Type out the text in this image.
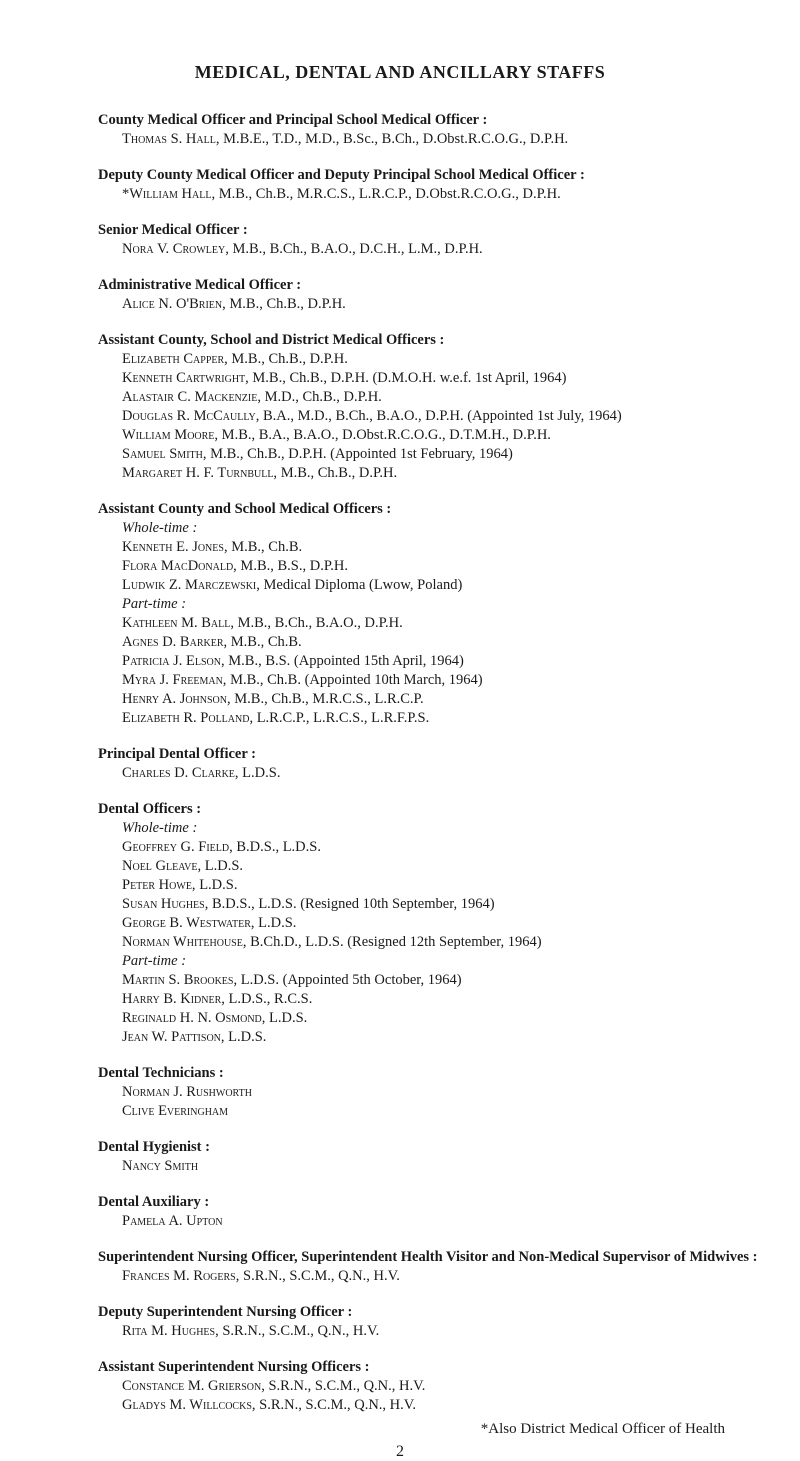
MEDICAL, DENTAL AND ANCILLARY STAFFS
County Medical Officer and Principal School Medical Officer :
Thomas S. Hall, M.B.E., T.D., M.D., B.Sc., B.Ch., D.Obst.R.C.O.G., D.P.H.
Deputy County Medical Officer and Deputy Principal School Medical Officer :
*William Hall, M.B., Ch.B., M.R.C.S., L.R.C.P., D.Obst.R.C.O.G., D.P.H.
Senior Medical Officer :
Nora V. Crowley, M.B., B.Ch., B.A.O., D.C.H., L.M., D.P.H.
Administrative Medical Officer :
Alice N. O'Brien, M.B., Ch.B., D.P.H.
Assistant County, School and District Medical Officers :
Elizabeth Capper, M.B., Ch.B., D.P.H.
Kenneth Cartwright, M.B., Ch.B., D.P.H. (D.M.O.H. w.e.f. 1st April, 1964)
Alastair C. Mackenzie, M.D., Ch.B., D.P.H.
Douglas R. McCaully, B.A., M.D., B.Ch., B.A.O., D.P.H. (Appointed 1st July, 1964)
William Moore, M.B., B.A., B.A.O., D.Obst.R.C.O.G., D.T.M.H., D.P.H.
Samuel Smith, M.B., Ch.B., D.P.H. (Appointed 1st February, 1964)
Margaret H. F. Turnbull, M.B., Ch.B., D.P.H.
Assistant County and School Medical Officers :
Whole-time :
Kenneth E. Jones, M.B., Ch.B.
Flora MacDonald, M.B., B.S., D.P.H.
Ludwik Z. Marczewski, Medical Diploma (Lwow, Poland)
Part-time :
Kathleen M. Ball, M.B., B.Ch., B.A.O., D.P.H.
Agnes D. Barker, M.B., Ch.B.
Patricia J. Elson, M.B., B.S. (Appointed 15th April, 1964)
Myra J. Freeman, M.B., Ch.B. (Appointed 10th March, 1964)
Henry A. Johnson, M.B., Ch.B., M.R.C.S., L.R.C.P.
Elizabeth R. Polland, L.R.C.P., L.R.C.S., L.R.F.P.S.
Principal Dental Officer :
Charles D. Clarke, L.D.S.
Dental Officers :
Whole-time :
Geoffrey G. Field, B.D.S., L.D.S.
Noel Gleave, L.D.S.
Peter Howe, L.D.S.
Susan Hughes, B.D.S., L.D.S. (Resigned 10th September, 1964)
George B. Westwater, L.D.S.
Norman Whitehouse, B.Ch.D., L.D.S. (Resigned 12th September, 1964)
Part-time :
Martin S. Brookes, L.D.S. (Appointed 5th October, 1964)
Harry B. Kidner, L.D.S., R.C.S.
Reginald H. N. Osmond, L.D.S.
Jean W. Pattison, L.D.S.
Dental Technicians :
Norman J. Rushworth
Clive Everingham
Dental Hygienist :
Nancy Smith
Dental Auxiliary :
Pamela A. Upton
Superintendent Nursing Officer, Superintendent Health Visitor and Non-Medical Supervisor of Midwives :
Frances M. Rogers, S.R.N., S.C.M., Q.N., H.V.
Deputy Superintendent Nursing Officer :
Rita M. Hughes, S.R.N., S.C.M., Q.N., H.V.
Assistant Superintendent Nursing Officers :
Constance M. Grierson, S.R.N., S.C.M., Q.N., H.V.
Gladys M. Willcocks, S.R.N., S.C.M., Q.N., H.V.
*Also District Medical Officer of Health
2
